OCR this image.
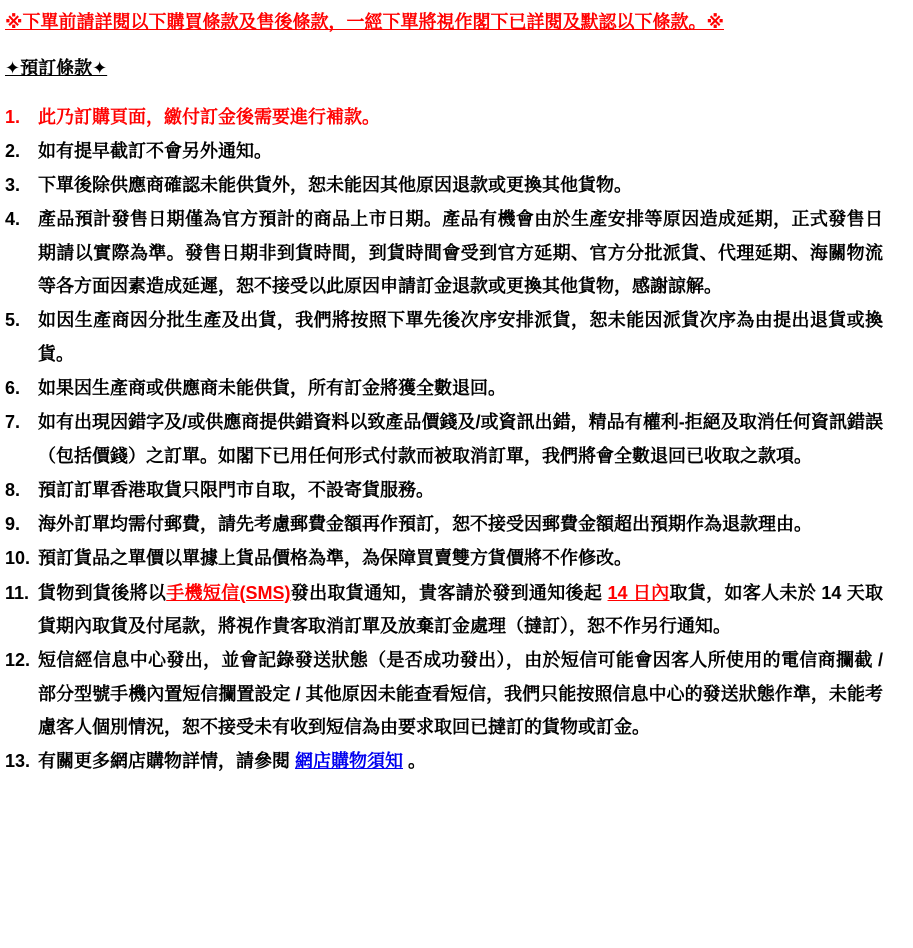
※下單前請詳閱以下購買條款及售後條款，一經下單將視作閣下已詳閱及默認以下條款。※

✦預訂條款✦

1. 此乃訂購頁面，繳付訂金後需要進行補款。
2. 如有提早截訂不會另外通知。
3. 下單後除供應商確認未能供貨外，恕未能因其他原因退款或更換其他貨物。
4. 產品預計發售日期僅為官方預計的商品上市日期。產品有機會由於生產安排等原因造成延期，正式發售日期請以實際為準。發售日期非到貨時間，到貨時間會受到官方延期、官方分批派貨、代理延期、海關物流等各方面因素造成延遲，恕不接受以此原因申請訂金退款或更換其他貨物，感謝諒解。
5. 如因生產商因分批生產及出貨，我們將按照下單先後次序安排派貨，恕未能因派貨次序為由提出退貨或換貨。
6. 如果因生產商或供應商未能供貨，所有訂金將獲全數退回。
7. 如有出現因錯字及/或供應商提供錯資料以致產品價錢及/或資訊出錯，精品有權利-拒絕及取消任何資訊錯誤（包括價錢）之訂單。如閣下已用任何形式付款而被取消訂單，我們將會全數退回已收取之款項。
8. 預訂訂單香港取貨只限門市自取，不設寄貨服務。
9. 海外訂單均需付郵費，請先考慮郵費金額再作預訂，恕不接受因郵費金額超出預期作為退款理由。
10. 預訂貨品之單價以單據上貨品價格為準，為保障買賣雙方貨價將不作修改。
11. 貨物到貨後將以手機短信(SMS)發出取貨通知，貴客請於發到通知後起 14 日內取貨，如客人未於 14 天取貨期內取貨及付尾款，將視作貴客取消訂單及放棄訂金處理（撻訂），恕不作另行通知。
12. 短信經信息中心發出，並會記錄發送狀態（是否成功發出），由於短信可能會因客人所使用的電信商攔截 / 部分型號手機內置短信攔置設定 / 其他原因未能查看短信，我們只能按照信息中心的發送狀態作準，未能考慮客人個別情況，恕不接受未有收到短信為由要求取回已撻訂的貨物或訂金。
13. 有關更多網店購物詳情，請參閱 網店購物須知 。
